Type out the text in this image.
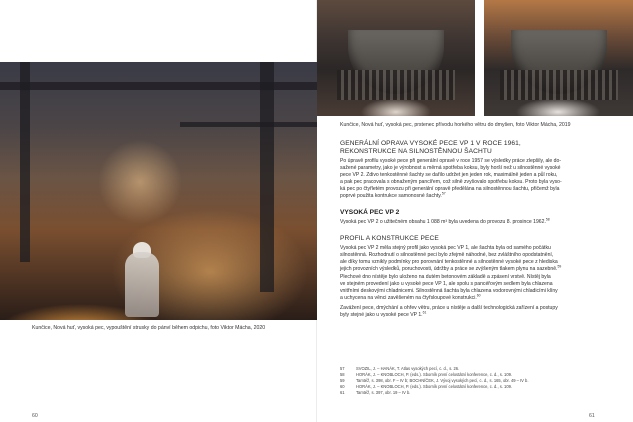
Kunčice, Nová huť, vysoká pec, vypouštění strusky do pánví během odpichu, foto Viktor Mácha, 2020
60
Kunčice, Nová huť, vysoká pec, prstenec přívodu horkého větru do dmyšen, foto Viktor Mácha, 2019

GENERÁLNÍ OPRAVA VYSOKÉ PECE VP 1 V ROCE 1961,

REKONSTRUKCE NA SILNOSTĚNNOU ŠACHTU

Po úpravě profilu vysoké pece při generální opravě v roce 1957 se výsledky práce zlepšily, ale do-

sažené parametry, jako je výrobnost a měrná spotřeba koksu, byly horší než u silnostěnné vysoké

pece VP 2. Zdivo tenkostěnné šachty se dařilo udržet jen jeden rok, maximálně jeden a půl roku,

a pak pec pracovala s obnaženým pancířem, což silně zvyšovalo spotřebu koksu. Proto byla vyso-

ká pec po čtyřletém provozu při generální opravě předělána na silnostěnnou šachtu, přičemž byla

poprvé použita kontrukce samonosné šachty.$^{57}$

VYSOKÁ PEC VP 2

Vysoká pec VP 2 o užitečném obsahu 1 088 m³ byla uvedena do provozu 8. prosince 1962.58

PROFIL A KONSTRUKCE PECE

Vysoká pec VP 2 měla stejný profil jako vysoká pec VP 1, ale šachta byla od samého počátku

silnostěnná. Rozhodnutí o silnostěnné peci bylo zřejmě náhodné, bez zvláštního opodstatnění,

ale díky tomu vznikly podmínky pro porovnání tenkostěnné a silnostěnné vysoké pece z hlediska

jejich provozních výsledků, poruchovosti, údržby a práce se zvýšeným tlakem plynu na sazebně.$^{59}$

Plechové dno nístěje bylo uloženo na dutém betonovém základě a zpásení vrstvě. Nístěj byla

ve stejném provedení jako u vysoké pece VP 1, ale spolu s pancéřovým sedlem byla chlazena

vnitřními deskovými chladnicemi. Silnostěnná šachta byla chlazena vodorovnými chladicími klíny

a uchycena na věnci zavěšeném na čtyřsloupové konstrukci.$^{60}$

Zavážení pece, dmýchání a ohřev větru, práce u nístěje a další technologická zařízení a postupy

byly stejné jako u vysoké pece VP 1.61

57	SVOZIL, J. – HANÁK, T. Atlas vysokých pecí, c. d., s. 26.
58	HORÁK, J. – KNOBLOCH, P. (eds.). Sborník první celostátní konference, c. d., s. 109.
59	Tamtéž, s. 398, obr. F – IV b; BOCHNÍČEK, J. Vývoj vysokých pecí, c. d., s. 165, obr. 49 – IV b.
60	HORÁK, J. – KNOBLOCH, P. (eds.). Sborník první celostátní konference, c. d., s. 109.
61	Tamtéž, s. 397, obr. 19 – IV b.
61
